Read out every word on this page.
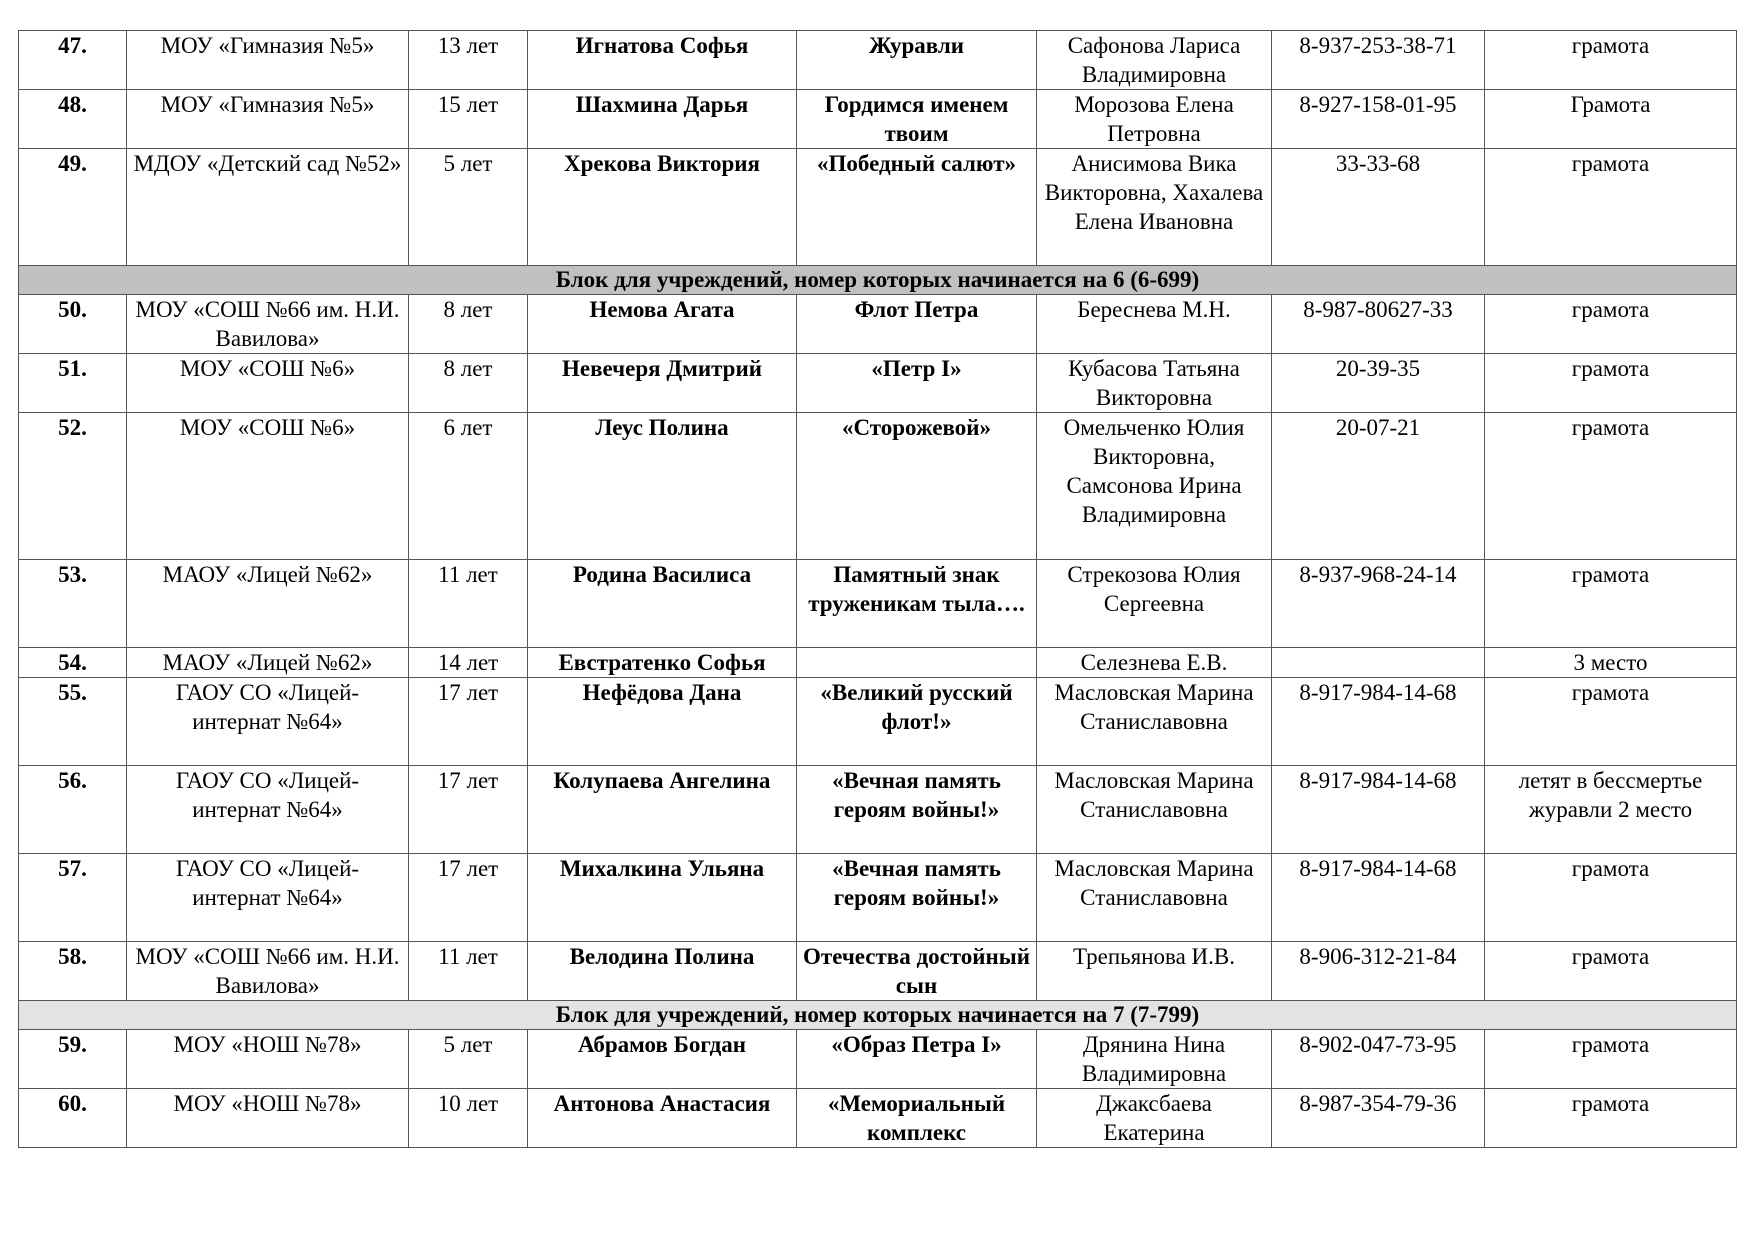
47.	МОУ «Гимназия №5»	13 лет	Игнатова Софья	Журавли	Сафонова Лариса Владимировна	8-937-253-38-71	грамота
48.	МОУ «Гимназия №5»	15 лет	Шахмина Дарья	Гордимся именем твоим	Морозова Елена Петровна	8-927-158-01-95	Грамота
49.	МДОУ «Детский сад №52»	5 лет	Хрекова Виктория	«Победный салют»	Анисимова Вика Викторовна, Хахалева Елена Ивановна	33-33-68	грамота
Блок для учреждений, номер которых начинается на 6 (6-699)							
50.	МОУ «СОШ №66 им. Н.И. Вавилова»	8 лет	Немова Агата	Флот Петра	Береснева М.Н.	8-987-80627-33	грамота
51.	МОУ «СОШ №6»	8 лет	Невечеря Дмитрий	«Петр I»	Кубасова Татьяна Викторовна	20-39-35	грамота
52.	МОУ «СОШ №6»	6 лет	Леус Полина	«Сторожевой»	Омельченко Юлия Викторовна, Самсонова Ирина Владимировна	20-07-21	грамота
53.	МАОУ «Лицей №62»	11 лет	Родина Василиса	Памятный знак труженикам тыла….	Стрекозова Юлия Сергеевна	8-937-968-24-14	грамота
54.	МАОУ «Лицей №62»	14 лет	Евстратенко Софья		Селезнева Е.В.		3 место
55.	ГАОУ СО «Лицей-интернат №64»	17 лет	Нефёдова Дана	«Великий русский флот!»	Масловская Марина Станиславовна	8-917-984-14-68	грамота
56.	ГАОУ СО «Лицей-интернат №64»	17 лет	Колупаева Ангелина	«Вечная память героям войны!»	Масловская Марина Станиславовна	8-917-984-14-68	летят в бессмертье журавли 2 место
57.	ГАОУ СО «Лицей-интернат №64»	17 лет	Михалкина Ульяна	«Вечная память героям войны!»	Масловская Марина Станиславовна	8-917-984-14-68	грамота
58.	МОУ «СОШ №66 им. Н.И. Вавилова»	11 лет	Велодина Полина	Отечества достойный сын	Трепьянова И.В.	8-906-312-21-84	грамота
Блок для учреждений, номер которых начинается на 7 (7-799)							
59.	МОУ «НОШ №78»	5 лет	Абрамов Богдан	«Образ Петра I»	Дрянина Нина Владимировна	8-902-047-73-95	грамота
60.	МОУ «НОШ №78»	10 лет	Антонова Анастасия	«Мемориальный комплекс	Джаксбаева Екатерина	8-987-354-79-36	грамота
